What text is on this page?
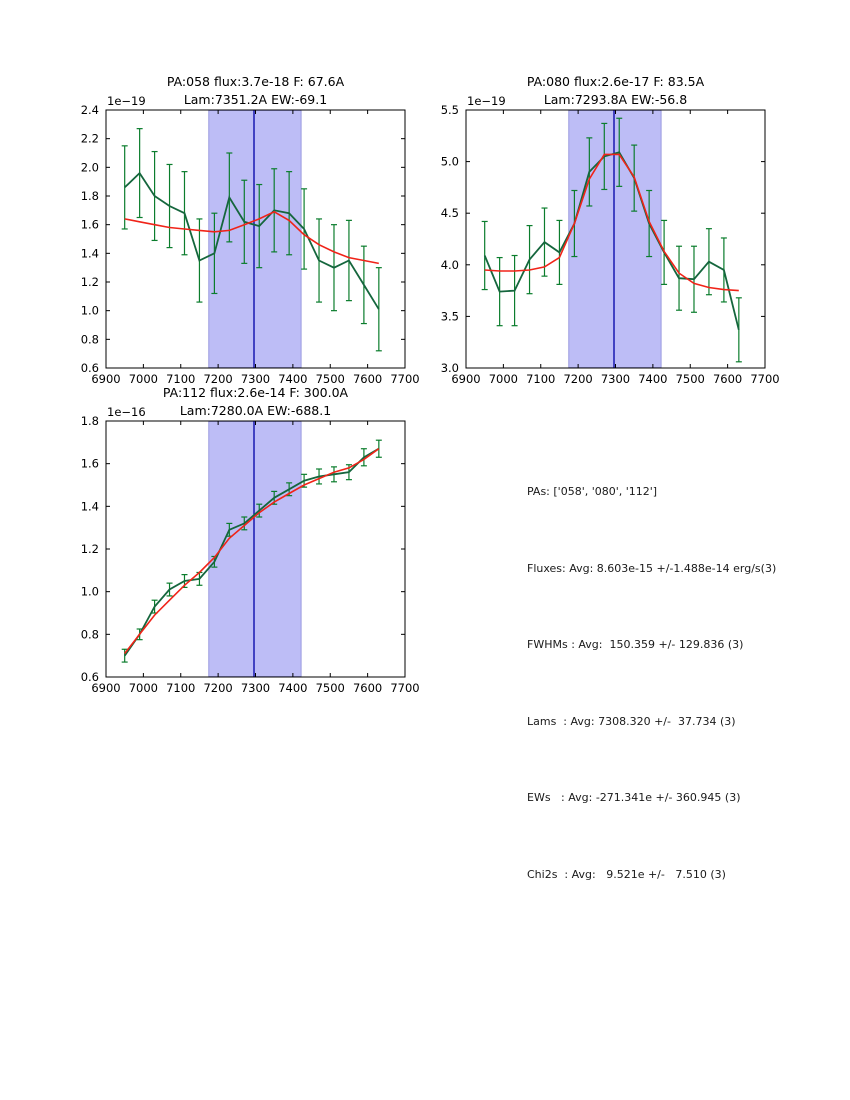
6900 7000 7100 7200 7300 7400 7500 7600 7700
0.6
0.8
1.0
1.2
1.4
1.6
1.8
2.0
2.2
2.4
6900 7000 7100 7200 7300 7400 7500 7600 7700
3.0
3.5
4.0
4.5
5.0
5.5
6900 7000 7100 7200 7300 7400 7500 7600 7700
0.6
0.8
1.0
1.2
1.4
1.6
1.8
PA:058 flux:3.7e-18 F: 67.6A
Lam:7351.2A EW:-69.1
1e−19
PA:080 flux:2.6e-17 F: 83.5A
Lam:7293.8A EW:-56.8
1e−19
PA:112 flux:2.6e-14 F: 300.0A
Lam:7280.0A EW:-688.1
1e−16

PAs: ['058', '080', '112']

Fluxes: Avg: 8.603e-15 +/-1.488e-14 erg/s(3)

FWHMs : Avg:  150.359 +/- 129.836 (3)

Lams  : Avg: 7308.320 +/-  37.734 (3)

EWs   : Avg: -271.341e +/- 360.945 (3)

Chi2s  : Avg:   9.521e +/-   7.510 (3)
